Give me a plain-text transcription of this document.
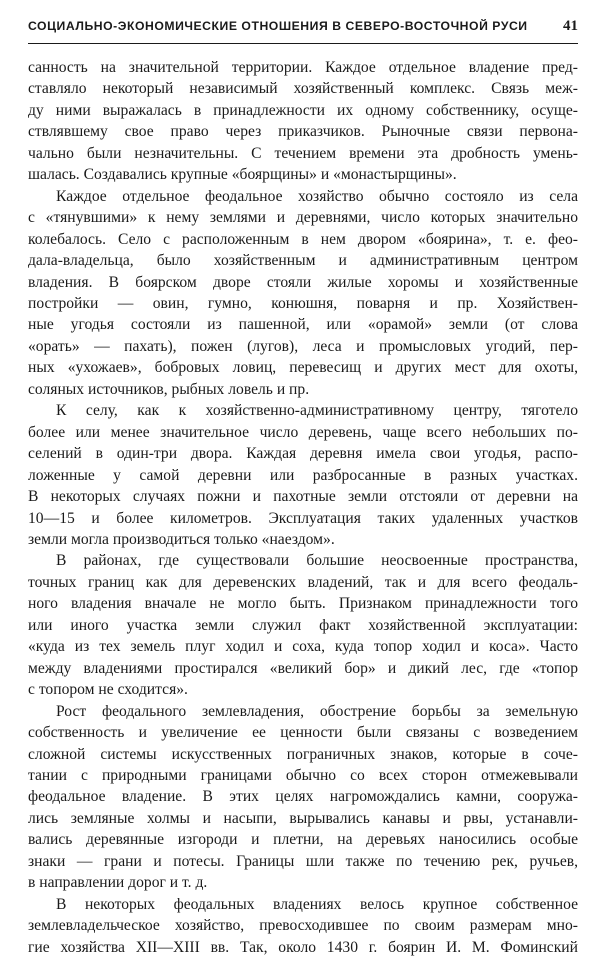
СОЦИАЛЬНО-ЭКОНОМИЧЕСКИЕ ОТНОШЕНИЯ В СЕВЕРО-ВОСТОЧНОЙ РУСИ 41

санность на значительной территории. Каждое отдельное владение пред-
ставляло некоторый независимый хозяйственный комплекс. Связь меж-
ду ними выражалась в принадлежности их одному собственнику, осуще-
ствлявшему свое право через приказчиков. Рыночные связи первона-
чально были незначительны. С течением времени эта дробность умень-
шалась. Создавались крупные «боярщины» и «монастырщины».

Каждое отдельное феодальное хозяйство обычно состояло из села
с «тянувшими» к нему землями и деревнями, число которых значительно
колебалось. Село с расположенным в нем двором «боярина», т. е. фео-
дала-владельца, было хозяйственным и административным центром
владения. В боярском дворе стояли жилые хоромы и хозяйственные
постройки — овин, гумно, конюшня, поварня и пр. Хозяйствен-
ные угодья состояли из пашенной, или «орамой» земли (от слова
«орать» — пахать), пожен (лугов), леса и промысловых угодий, пер-
ных «ухожаев», бобровых ловиц, перевесищ и других мест для охоты,
соляных источников, рыбных ловель и пр.

К селу, как к хозяйственно-административному центру, тяготело
более или менее значительное число деревень, чаще всего небольших по-
селений в один-три двора. Каждая деревня имела свои угодья, распо-
ложенные у самой деревни или разбросанные в разных участках.
В некоторых случаях пожни и пахотные земли отстояли от деревни на
10—15 и более километров. Эксплуатация таких удаленных участков
земли могла производиться только «наездом».

В районах, где существовали большие неосвоенные пространства,
точных границ как для деревенских владений, так и для всего феодаль-
ного владения вначале не могло быть. Признаком принадлежности того
или иного участка земли служил факт хозяйственной эксплуатации:
«куда из тех земель плуг ходил и соха, куда топор ходил и коса». Часто
между владениями простирался «великий бор» и дикий лес, где «топор
с топором не сходится».

Рост феодального землевладения, обострение борьбы за земельную
собственность и увеличение ее ценности были связаны с возведением
сложной системы искусственных пограничных знаков, которые в соче-
тании с природными границами обычно со всех сторон отмежевывали
феодальное владение. В этих целях нагромождались камни, сооружа-
лись земляные холмы и насыпи, вырывались канавы и рвы, устанавли-
вались деревянные изгороди и плетни, на деревьях наносились особые
знаки — грани и потесы. Границы шли также по течению рек, ручьев,
в направлении дорог и т. д.

В некоторых феодальных владениях велось крупное собственное
землевладельческое хозяйство, превосходившее по своим размерам мно-
гие хозяйства XII—XIII вв. Так, около 1430 г. боярин И. М. Фоминский
